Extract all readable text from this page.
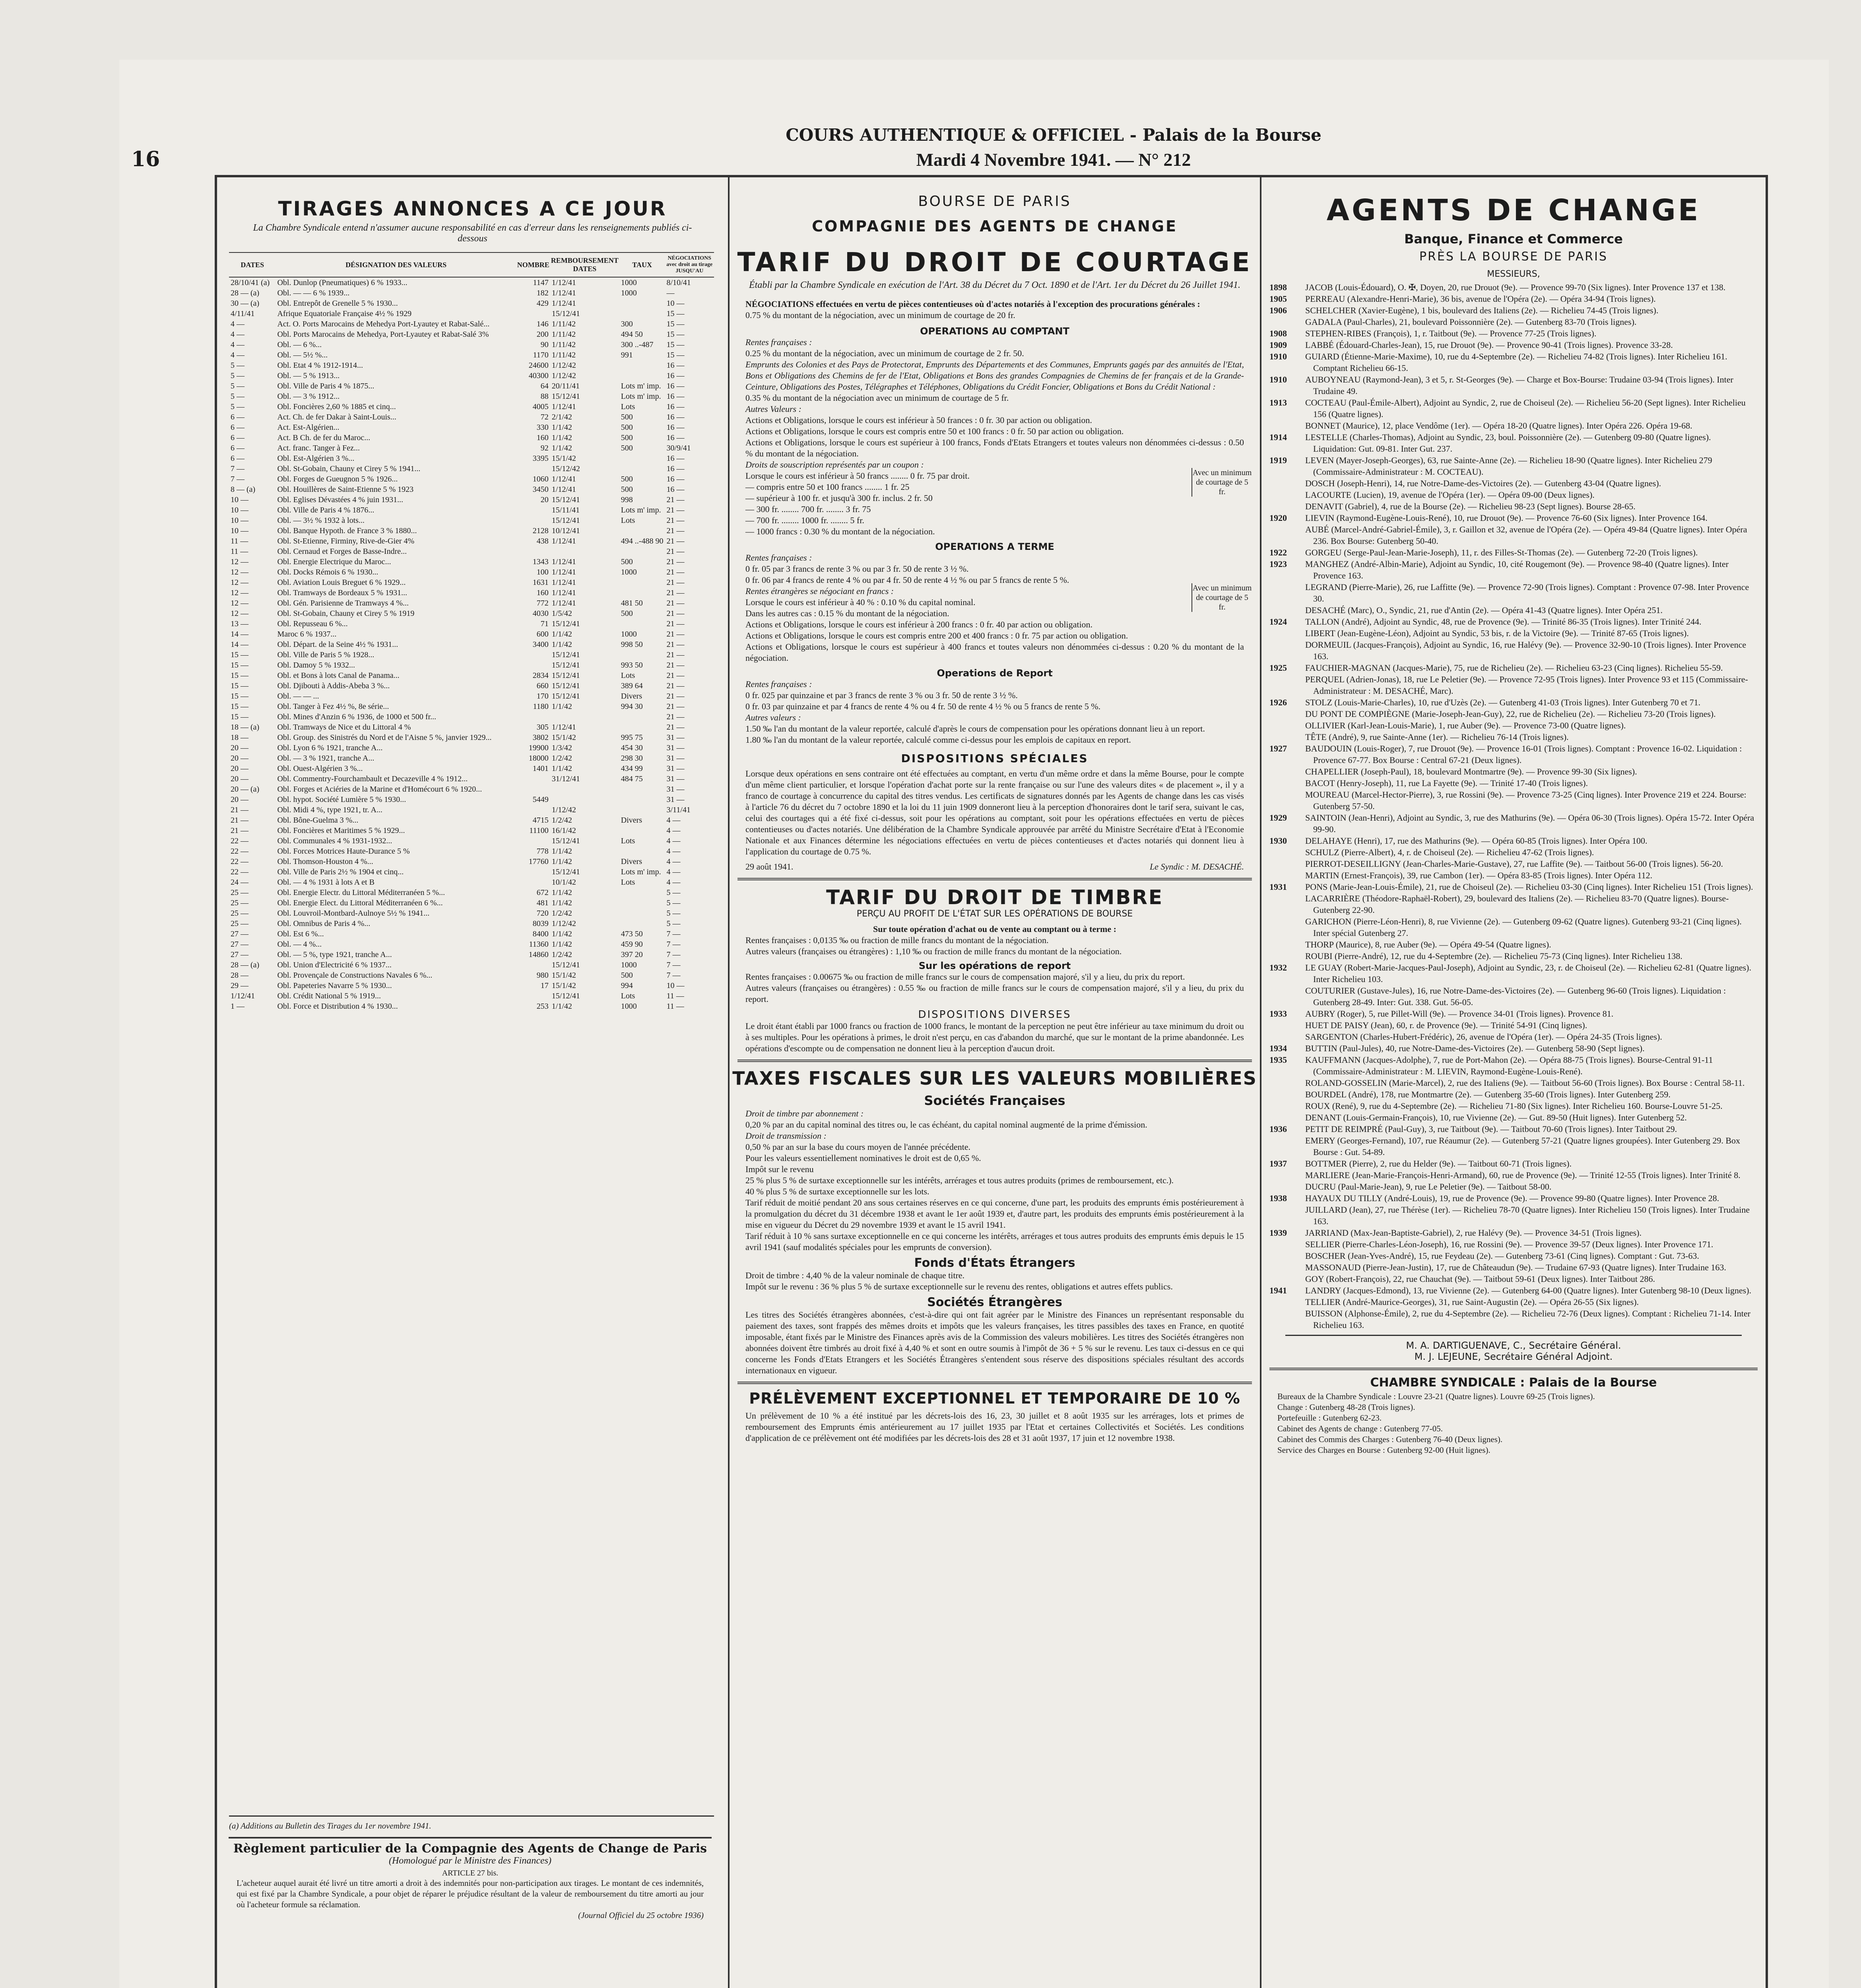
16
COURS AUTHENTIQUE & OFFICIEL - Palais de la Bourse
Mardi 4 Novembre 1941. — N° 212
TIRAGES ANNONCES A CE JOUR
La Chambre Syndicale entend n'assumer aucune responsabilité en cas d'erreur dans les renseignements publiés ci-dessous
DATES	DÉSIGNATION DES VALEURS	NOMBRE	REMBOURSEMENT
DATES	TAUX	NÉGOCIATIONS avec droit au tirage JUSQU'AU
28/10/41 (a)	Obl. Dunlop (Pneumatiques) 6 % 1933...	1147	1/12/41	1000	8/10/41
28 — (a)	Obl. — — 6 % 1939...	182	1/12/41	1000	—
30 — (a)	Obl. Entrepôt de Grenelle 5 % 1930...	429	1/12/41		10 —
4/11/41	Afrique Equatoriale Française 4½ % 1929		15/12/41		15 —
4 —	Act. O. Ports Marocains de Mehedya Port-Lyautey et Rabat-Salé...	146	1/11/42	300	15 —
4 —	Obl. Ports Marocains de Mehedya, Port-Lyautey et Rabat-Salé 3%	200	1/11/42	494 50	15 —
4 —	Obl. — 6 %...	90	1/11/42	300 ..-487	15 —
4 —	Obl. — 5½ %...	1170	1/11/42	991	15 —
5 —	Obl. Etat 4 % 1912-1914...	24600	1/12/42		16 —
5 —	Obl. — 5 % 1913...	40300	1/12/42		16 —
5 —	Obl. Ville de Paris 4 % 1875...	64	20/11/41	Lots m' imp.	16 —
5 —	Obl. — 3 % 1912...	88	15/12/41	Lots m' imp.	16 —
5 —	Obl. Foncières 2,60 % 1885 et cinq...	4005	1/12/41	Lots	16 —
6 —	Act. Ch. de fer Dakar à Saint-Louis...	72	2/1/42	500	16 —
6 —	Act. Est-Algérien...	330	1/1/42	500	16 —
6 —	Act. B Ch. de fer du Maroc...	160	1/1/42	500	16 —
6 —	Act. franc. Tanger à Fez...	92	1/1/42	500	30/9/41
6 —	Obl. Est-Algérien 3 %...	3395	15/1/42		16 —
7 —	Obl. St-Gobain, Chauny et Cirey 5 % 1941...		15/12/42		16 —
7 —	Obl. Forges de Gueugnon 5 % 1926...	1060	1/12/41	500	16 —
8 — (a)	Obl. Houillères de Saint-Etienne 5 % 1923	3450	1/12/41	500	16 —
10 —	Obl. Eglises Dévastées 4 % juin 1931...	20	15/12/41	998	21 —
10 —	Obl. Ville de Paris 4 % 1876...		15/11/41	Lots m' imp.	21 —
10 —	Obl. — 3½ % 1932 à lots...		15/12/41	Lots	21 —
10 —	Obl. Banque Hypoth. de France 3 % 1880...	2128	10/12/41		21 —
11 —	Obl. St-Etienne, Firminy, Rive-de-Gier 4%	438	1/12/41	494 ..-488 90	21 —
11 —	Obl. Cernaud et Forges de Basse-Indre...				21 —
12 —	Obl. Energie Electrique du Maroc...	1343	1/12/41	500	21 —
12 —	Obl. Docks Rémois 6 % 1930...	100	1/12/41	1000	21 —
12 —	Obl. Aviation Louis Breguet 6 % 1929...	1631	1/12/41		21 —
12 —	Obl. Tramways de Bordeaux 5 % 1931...	160	1/12/41		21 —
12 —	Obl. Gén. Parisienne de Tramways 4 %...	772	1/12/41	481 50	21 —
12 —	Obl. St-Gobain, Chauny et Cirey 5 % 1919	4030	1/5/42	500	21 —
13 —	Obl. Repusseau 6 %...	71	15/12/41		21 —
14 —	Maroc 6 % 1937...	600	1/1/42	1000	21 —
14 —	Obl. Départ. de la Seine 4½ % 1931...	3400	1/1/42	998 50	21 —
15 —	Obl. Ville de Paris 5 % 1928...		15/12/41		21 —
15 —	Obl. Damoy 5 % 1932...		15/12/41	993 50	21 —
15 —	Obl. et Bons à lots Canal de Panama...	2834	15/12/41	Lots	21 —
15 —	Obl. Djibouti à Addis-Abeba 3 %...	660	15/12/41	389 64	21 —
15 —	Obl. — — ...	170	15/12/41	Divers	21 —
15 —	Obl. Tanger à Fez 4½ %, 8e série...	1180	1/1/42	994 30	21 —
15 —	Obl. Mines d'Anzin 6 % 1936, de 1000 et 500 fr...				21 —
18 — (a)	Obl. Tramways de Nice et du Littoral 4 %	305	1/12/41		21 —
18 —	Obl. Group. des Sinistrés du Nord et de l'Aisne 5 %, janvier 1929...	3802	15/1/42	995 75	31 —
20 —	Obl. Lyon 6 % 1921, tranche A...	19900	1/3/42	454 30	31 —
20 —	Obl. — 3 % 1921, tranche A...	18000	1/2/42	298 30	31 —
20 —	Obl. Ouest-Algérien 3 %...	1401	1/1/42	434 99	31 —
20 —	Obl. Commentry-Fourchambault et Decazeville 4 % 1912...		31/12/41	484 75	31 —
20 — (a)	Obl. Forges et Aciéries de la Marine et d'Homécourt 6 % 1920...				31 —
20 —	Obl. hypot. Société Lumière 5 % 1930...	5449			31 —
21 —	Obl. Midi 4 %, type 1921, tr. A...		1/12/42		3/11/41
21 —	Obl. Bône-Guelma 3 %...	4715	1/2/42	Divers	4 —
21 —	Obl. Foncières et Maritimes 5 % 1929...	11100	16/1/42		4 —
22 —	Obl. Communales 4 % 1931-1932...		15/12/41	Lots	4 —
22 —	Obl. Forces Motrices Haute-Durance 5 %	778	1/1/42		4 —
22 —	Obl. Thomson-Houston 4 %...	17760	1/1/42	Divers	4 —
22 —	Obl. Ville de Paris 2½ % 1904 et cinq...		15/12/41	Lots m' imp.	4 —
24 —	Obl. — 4 % 1931 à lots A et B		10/1/42	Lots	4 —
25 —	Obl. Energie Electr. du Littoral Méditerranéen 5 %...	672	1/1/42		5 —
25 —	Obl. Energie Elect. du Littoral Méditerranéen 6 %...	481	1/1/42		5 —
25 —	Obl. Louvroil-Montbard-Aulnoye 5½ % 1941...	720	1/2/42		5 —
25 —	Obl. Omnibus de Paris 4 %...	8039	1/12/42		5 —
27 —	Obl. Est 6 %...	8400	1/1/42	473 50	7 —
27 —	Obl. — 4 %...	11360	1/1/42	459 90	7 —
27 —	Obl. — 5 %, type 1921, tranche A...	14860	1/2/42	397 20	7 —
28 — (a)	Obl. Union d'Electricité 6 % 1937...		15/12/41	1000	7 —
28 —	Obl. Provençale de Constructions Navales 6 %...	980	15/1/42	500	7 —
29 —	Obl. Papeteries Navarre 5 % 1930...	17	15/1/42	994	10 —
1/12/41	Obl. Crédit National 5 % 1919...		15/12/41	Lots	11 —
1 —	Obl. Force et Distribution 4 % 1930...	253	1/1/42	1000	11 —
(a) Additions au Bulletin des Tirages du 1er novembre 1941.
BOURSE DE PARIS
COMPAGNIE DES AGENTS DE CHANGE
TARIF DU DROIT DE COURTAGE
Établi par la Chambre Syndicale en exécution de l'Art. 38 du Décret du 7 Oct. 1890 et de l'Art. 1er du Décret du 26 Juillet 1941.
NÉGOCIATIONS effectuées en vertu de pièces contentieuses où d'actes notariés à l'exception des procurations générales :
0.75 % du montant de la négociation, avec un minimum de courtage de 20 fr.
OPERATIONS AU COMPTANT
Rentes françaises :
0.25 % du montant de la négociation, avec un minimum de courtage de 2 fr. 50.
Emprunts des Colonies et des Pays de Protectorat, Emprunts des Départements et des Communes, Emprunts gagés par des annuités de l'Etat, Bons et Obligations des Chemins de fer de l'Etat, Obligations et Bons des grandes Compagnies de Chemins de fer français et de la Grande-Ceinture, Obligations des Postes, Télégraphes et Téléphones, Obligations du Crédit Foncier, Obligations et Bons du Crédit National :
0.35 % du montant de la négociation avec un minimum de courtage de 5 fr.
Autres Valeurs :
Actions et Obligations, lorsque le cours est inférieur à 50 frances : 0 fr. 30 par action ou obligation.
Actions et Obligations, lorsque le cours est compris entre 50 et 100 francs : 0 fr. 50 par action ou obligation.
Actions et Obligations, lorsque le cours est supérieur à 100 francs, Fonds d'Etats Etrangers et toutes valeurs non dénommées ci-dessus : 0.50 % du montant de la négociation.
Droits de souscription représentés par un coupon :
Lorsque le cours est inférieur à 50 francs ........ 0 fr. 75 par droit.
— compris entre 50 et 100 francs ........ 1 fr. 25
— supérieur à 100 fr. et jusqu'à 300 fr. inclus. 2 fr. 50
— 300 fr. ........ 700 fr. ........ 3 fr. 75
— 700 fr. ........ 1000 fr. ........ 5 fr.
— 1000 francs : 0.30 % du montant de la négociation.
Avec un minimum de courtage de 5 fr.
Avec un minimum de courtage de 5 fr.
OPERATIONS A TERME
Rentes françaises :
0 fr. 05 par 3 francs de rente 3 % ou par 3 fr. 50 de rente 3 ½ %.
0 fr. 06 par 4 francs de rente 4 % ou par 4 fr. 50 de rente 4 ½ % ou par 5 francs de rente 5 %.
Rentes étrangères se négociant en francs :
Lorsque le cours est inférieur à 40 % : 0.10 % du capital nominal.
Dans les autres cas : 0.15 % du montant de la négociation.
Actions et Obligations, lorsque le cours est inférieur à 200 francs : 0 fr. 40 par action ou obligation.
Actions et Obligations, lorsque le cours est compris entre 200 et 400 francs : 0 fr. 75 par action ou obligation.
Actions et Obligations, lorsque le cours est supérieur à 400 francs et toutes valeurs non dénommées ci-dessus : 0.20 % du montant de la négociation.
Operations de Report
Rentes françaises :
0 fr. 025 par quinzaine et par 3 francs de rente 3 % ou 3 fr. 50 de rente 3 ½ %.
0 fr. 03 par quinzaine et par 4 francs de rente 4 % ou 4 fr. 50 de rente 4 ½ % ou 5 francs de rente 5 %.
Autres valeurs :
1.50 ‰ l'an du montant de la valeur reportée, calculé d'après le cours de compensation pour les opérations donnant lieu à un report.
1.80 ‰ l'an du montant de la valeur reportée, calculé comme ci-dessus pour les emplois de capitaux en report.
DISPOSITIONS SPÉCIALES
Lorsque deux opérations en sens contraire ont été effectuées au comptant, en vertu d'un même ordre et dans la même Bourse, pour le compte d'un même client particulier, et lorsque l'opération d'achat porte sur la rente française ou sur l'une des valeurs dites « de placement », il y a franco de courtage à concurrence du capital des titres vendus. Les certificats de signatures donnés par les Agents de change dans les cas visés à l'article 76 du décret du 7 octobre 1890 et la loi du 11 juin 1909 donneront lieu à la perception d'honoraires dont le tarif sera, suivant le cas, celui des courtages qui a été fixé ci-dessus, soit pour les opérations au comptant, soit pour les opérations effectuées en vertu de pièces contentieuses ou d'actes notariés. Une délibération de la Chambre Syndicale approuvée par arrêté du Ministre Secrétaire d'Etat à l'Economie Nationale et aux Finances détermine les négociations effectuées en vertu de pièces contentieuses et d'actes notariés qui donnent lieu à l'application du courtage de 0.75 %.
29 août 1941.	Le Syndic : M. DESACHÉ.
TARIF DU DROIT DE TIMBRE
PERÇU AU PROFIT DE L'ÉTAT SUR LES OPÉRATIONS DE BOURSE
Sur toute opération d'achat ou de vente au comptant ou à terme :
Rentes françaises : 0,0135 ‰ ou fraction de mille francs du montant de la négociation.
Autres valeurs (françaises ou étrangères) : 1,10 ‰ ou fraction de mille francs du montant de la négociation.
Sur les opérations de report
Rentes françaises : 0.00675 ‰ ou fraction de mille francs sur le cours de compensation majoré, s'il y a lieu, du prix du report.
Autres valeurs (françaises ou étrangères) : 0.55 ‰ ou fraction de mille francs sur le cours de compensation majoré, s'il y a lieu, du prix du report.
DISPOSITIONS DIVERSES
Le droit étant établi par 1000 francs ou fraction de 1000 francs, le montant de la perception ne peut être inférieur au taxe minimum du droit ou à ses multiples. Pour les opérations à primes, le droit n'est perçu, en cas d'abandon du marché, que sur le montant de la prime abandonnée. Les opérations d'escompte ou de compensation ne donnent lieu à la perception d'aucun droit.
TAXES FISCALES SUR LES VALEURS MOBILIÈRES
Sociétés Françaises
Droit de timbre par abonnement :
0,20 % par an du capital nominal des titres ou, le cas échéant, du capital nominal augmenté de la prime d'émission.
Droit de transmission :
0,50 % par an sur la base du cours moyen de l'année précédente.
Pour les valeurs essentiellement nominatives le droit est de 0,65 %.
Impôt sur le revenu
25 % plus 5 % de surtaxe exceptionnelle sur les intérêts, arrérages et tous autres produits (primes de remboursement, etc.).
40 % plus 5 % de surtaxe exceptionnelle sur les lots.
Tarif réduit de moitié pendant 20 ans sous certaines réserves en ce qui concerne, d'une part, les produits des emprunts émis postérieurement à la promulgation du décret du 31 décembre 1938 et avant le 1er août 1939 et, d'autre part, les produits des emprunts émis postérieurement à la mise en vigueur du Décret du 29 novembre 1939 et avant le 15 avril 1941.
Tarif réduit à 10 % sans surtaxe exceptionnelle en ce qui concerne les intérêts, arrérages et tous autres produits des emprunts émis depuis le 15 avril 1941 (sauf modalités spéciales pour les emprunts de conversion).
Fonds d'États Étrangers
Droit de timbre : 4,40 % de la valeur nominale de chaque titre.
Impôt sur le revenu : 36 % plus 5 % de surtaxe exceptionnelle sur le revenu des rentes, obligations et autres effets publics.
Sociétés Étrangères
Les titres des Sociétés étrangères abonnées, c'est-à-dire qui ont fait agréer par le Ministre des Finances un représentant responsable du paiement des taxes, sont frappés des mêmes droits et impôts que les valeurs françaises, les titres passibles des taxes en France, en quotité imposable, étant fixés par le Ministre des Finances après avis de la Commission des valeurs mobilières. Les titres des Sociétés étrangères non abonnées doivent être timbrés au droit fixé à 4,40 % et sont en outre soumis à l'impôt de 36 + 5 % sur le revenu. Les taux ci-dessus en ce qui concerne les Fonds d'Etats Etrangers et les Sociétés Étrangères s'entendent sous réserve des dispositions spéciales résultant des accords internationaux en vigueur.
PRÉLÈVEMENT EXCEPTIONNEL ET TEMPORAIRE DE 10 %
Un prélèvement de 10 % a été institué par les décrets-lois des 16, 23, 30 juillet et 8 août 1935 sur les arrérages, lots et primes de remboursement des Emprunts émis antérieurement au 17 juillet 1935 par l'Etat et certaines Collectivités et Sociétés. Les conditions d'application de ce prélèvement ont été modifiées par les décrets-lois des 28 et 31 août 1937, 17 juin et 12 novembre 1938.
AGENTS DE CHANGE
Banque, Finance et Commerce
PRÈS LA BOURSE DE PARIS
MESSIEURS,
1898 JACOB (Louis-Édouard), O. ✠, Doyen, 20, rue Drouot (9e). — Provence 99-70 (Six lignes). Inter Provence 137 et 138.
1905 PERREAU (Alexandre-Henri-Marie), 36 bis, avenue de l'Opéra (2e). — Opéra 34-94 (Trois lignes).
1906 SCHELCHER (Xavier-Eugène), 1 bis, boulevard des Italiens (2e). — Richelieu 74-45 (Trois lignes).
GADALA (Paul-Charles), 21, boulevard Poissonnière (2e). — Gutenberg 83-70 (Trois lignes).
1908 STEPHEN-RIBES (François), 1, r. Taitbout (9e). — Provence 77-25 (Trois lignes).
1909 LABBÉ (Édouard-Charles-Jean), 15, rue Drouot (9e). — Provence 90-41 (Trois lignes). Provence 33-28.
1910 GUIARD (Étienne-Marie-Maxime), 10, rue du 4-Septembre (2e). — Richelieu 74-82 (Trois lignes). Inter Richelieu 161. Comptant Richelieu 66-15.
1910 AUBOYNEAU (Raymond-Jean), 3 et 5, r. St-Georges (9e). — Charge et Box-Bourse: Trudaine 03-94 (Trois lignes). Inter Trudaine 49.
1913 COCTEAU (Paul-Émile-Albert), Adjoint au Syndic, 2, rue de Choiseul (2e). — Richelieu 56-20 (Sept lignes). Inter Richelieu 156 (Quatre lignes).
BONNET (Maurice), 12, place Vendôme (1er). — Opéra 18-20 (Quatre lignes). Inter Opéra 226. Opéra 19-68.
1914 LESTELLE (Charles-Thomas), Adjoint au Syndic, 23, boul. Poissonnière (2e). — Gutenberg 09-80 (Quatre lignes). Liquidation: Gut. 09-81. Inter Gut. 237.
1919 LEVEN (Mayer-Joseph-Georges), 63, rue Sainte-Anne (2e). — Richelieu 18-90 (Quatre lignes). Inter Richelieu 279 (Commissaire-Administrateur : M. COCTEAU).
DOSCH (Joseph-Henri), 14, rue Notre-Dame-des-Victoires (2e). — Gutenberg 43-04 (Quatre lignes).
LACOURTE (Lucien), 19, avenue de l'Opéra (1er). — Opéra 09-00 (Deux lignes).
DENAVIT (Gabriel), 4, rue de la Bourse (2e). — Richelieu 98-23 (Sept lignes). Bourse 28-65.
1920 LIEVIN (Raymond-Eugène-Louis-René), 10, rue Drouot (9e). — Provence 76-60 (Six lignes). Inter Provence 164.
AUBÉ (Marcel-André-Gabriel-Émile), 3, r. Gaillon et 32, avenue de l'Opéra (2e). — Opéra 49-84 (Quatre lignes). Inter Opéra 236. Box Bourse: Gutenberg 50-40.
1922 GORGEU (Serge-Paul-Jean-Marie-Joseph), 11, r. des Filles-St-Thomas (2e). — Gutenberg 72-20 (Trois lignes).
1923 MANGHEZ (André-Albin-Marie), Adjoint au Syndic, 10, cité Rougemont (9e). — Provence 98-40 (Quatre lignes). Inter Provence 163.
LEGRAND (Pierre-Marie), 26, rue Laffitte (9e). — Provence 72-90 (Trois lignes). Comptant : Provence 07-98. Inter Provence 30.
DESACHÉ (Marc), O., Syndic, 21, rue d'Antin (2e). — Opéra 41-43 (Quatre lignes). Inter Opéra 251.
1924 TALLON (André), Adjoint au Syndic, 48, rue de Provence (9e). — Trinité 86-35 (Trois lignes). Inter Trinité 244.
LIBERT (Jean-Eugène-Léon), Adjoint au Syndic, 53 bis, r. de la Victoire (9e). — Trinité 87-65 (Trois lignes).
DORMEUIL (Jacques-François), Adjoint au Syndic, 16, rue Halévy (9e). — Provence 32-90-10 (Trois lignes). Inter Provence 163.
1925 FAUCHIER-MAGNAN (Jacques-Marie), 75, rue de Richelieu (2e). — Richelieu 63-23 (Cinq lignes). Richelieu 55-59.
PERQUEL (Adrien-Jonas), 18, rue Le Peletier (9e). — Provence 72-95 (Trois lignes). Inter Provence 93 et 115 (Commissaire-Administrateur : M. DESACHÉ, Marc).
1926 STOLZ (Louis-Marie-Charles), 10, rue d'Uzès (2e). — Gutenberg 41-03 (Trois lignes). Inter Gutenberg 70 et 71.
DU PONT DE COMPIÈGNE (Marie-Joseph-Jean-Guy), 22, rue de Richelieu (2e). — Richelieu 73-20 (Trois lignes).
OLLIVIER (Karl-Jean-Louis-Marie), 1, rue Auber (9e). — Provence 73-00 (Quatre lignes).
TÊTE (André), 9, rue Sainte-Anne (1er). — Richelieu 76-14 (Trois lignes).
1927 BAUDOUIN (Louis-Roger), 7, rue Drouot (9e). — Provence 16-01 (Trois lignes). Comptant : Provence 16-02. Liquidation : Provence 67-77. Box Bourse : Central 67-21 (Deux lignes).
CHAPELLIER (Joseph-Paul), 18, boulevard Montmartre (9e). — Provence 99-30 (Six lignes).
BACOT (Henry-Joseph), 11, rue La Fayette (9e). — Trinité 17-40 (Trois lignes).
MOUREAU (Marcel-Hector-Pierre), 3, rue Rossini (9e). — Provence 73-25 (Cinq lignes). Inter Provence 219 et 224. Bourse: Gutenberg 57-50.
1929 SAINTOIN (Jean-Henri), Adjoint au Syndic, 3, rue des Mathurins (9e). — Opéra 06-30 (Trois lignes). Opéra 15-72. Inter Opéra 99-90.
1930 DELAHAYE (Henri), 17, rue des Mathurins (9e). — Opéra 60-85 (Trois lignes). Inter Opéra 100.
SCHULZ (Pierre-Albert), 4, r. de Choiseul (2e). — Richelieu 47-62 (Trois lignes).
PIERROT-DESEILLIGNY (Jean-Charles-Marie-Gustave), 27, rue Laffite (9e). — Taitbout 56-00 (Trois lignes). 56-20.
MARTIN (Ernest-François), 39, rue Cambon (1er). — Opéra 83-85 (Trois lignes). Inter Opéra 112.
1931 PONS (Marie-Jean-Louis-Émile), 21, rue de Choiseul (2e). — Richelieu 03-30 (Cinq lignes). Inter Richelieu 151 (Trois lignes).
LACARRIÈRE (Théodore-Raphaël-Robert), 29, boulevard des Italiens (2e). — Richelieu 83-70 (Quatre lignes). Bourse-Gutenberg 22-90.
GARICHON (Pierre-Léon-Henri), 8, rue Vivienne (2e). — Gutenberg 09-62 (Quatre lignes). Gutenberg 93-21 (Cinq lignes). Inter spécial Gutenberg 27.
THORP (Maurice), 8, rue Auber (9e). — Opéra 49-54 (Quatre lignes).
ROUBI (Pierre-André), 12, rue du 4-Septembre (2e). — Richelieu 75-73 (Cinq lignes). Inter Richelieu 138.
1932 LE GUAY (Robert-Marie-Jacques-Paul-Joseph), Adjoint au Syndic, 23, r. de Choiseul (2e). — Richelieu 62-81 (Quatre lignes). Inter Richelieu 103.
COUTURIER (Gustave-Jules), 16, rue Notre-Dame-des-Victoires (2e). — Gutenberg 96-60 (Trois lignes). Liquidation : Gutenberg 28-49. Inter: Gut. 338. Gut. 56-05.
1933 AUBRY (Roger), 5, rue Pillet-Will (9e). — Provence 34-01 (Trois lignes). Provence 81.
HUET DE PAISY (Jean), 60, r. de Provence (9e). — Trinité 54-91 (Cinq lignes).
SARGENTON (Charles-Hubert-Frédéric), 26, avenue de l'Opéra (1er). — Opéra 24-35 (Trois lignes).
1934 BUTTIN (Paul-Jules), 40, rue Notre-Dame-des-Victoires (2e). — Gutenberg 58-90 (Sept lignes).
1935 KAUFFMANN (Jacques-Adolphe), 7, rue de Port-Mahon (2e). — Opéra 88-75 (Trois lignes). Bourse-Central 91-11 (Commissaire-Administrateur : M. LIEVIN, Raymond-Eugène-Louis-René).
ROLAND-GOSSELIN (Marie-Marcel), 2, rue des Italiens (9e). — Taitbout 56-60 (Trois lignes). Box Bourse : Central 58-11.
BOURDEL (André), 178, rue Montmartre (2e). — Gutenberg 35-60 (Trois lignes). Inter Gutenberg 259.
ROUX (René), 9, rue du 4-Septembre (2e). — Richelieu 71-80 (Six lignes). Inter Richelieu 160. Bourse-Louvre 51-25.
DENANT (Louis-Germain-François), 10, rue Vivienne (2e). — Gut. 89-50 (Huit lignes). Inter Gutenberg 52.
1936 PETIT DE REIMPRÉ (Paul-Guy), 3, rue Taitbout (9e). — Taitbout 70-60 (Trois lignes). Inter Taitbout 29.
EMERY (Georges-Fernand), 107, rue Réaumur (2e). — Gutenberg 57-21 (Quatre lignes groupées). Inter Gutenberg 29. Box Bourse : Gut. 54-89.
1937 BOTTMER (Pierre), 2, rue du Helder (9e). — Taitbout 60-71 (Trois lignes).
MARLIERE (Jean-Marie-François-Henri-Armand), 60, rue de Provence (9e). — Trinité 12-55 (Trois lignes). Inter Trinité 8.
DUCRU (Paul-Marie-Jean), 9, rue Le Peletier (9e). — Taitbout 58-00.
1938 HAYAUX DU TILLY (André-Louis), 19, rue de Provence (9e). — Provence 99-80 (Quatre lignes). Inter Provence 28.
JUILLARD (Jean), 27, rue Thérèse (1er). — Richelieu 78-70 (Quatre lignes). Inter Richelieu 150 (Trois lignes). Inter Trudaine 163.
1939 JARRIAND (Max-Jean-Baptiste-Gabriel), 2, rue Halévy (9e). — Provence 34-51 (Trois lignes).
SELLIER (Pierre-Charles-Léon-Joseph), 16, rue Rossini (9e). — Provence 39-57 (Deux lignes). Inter Provence 171.
BOSCHER (Jean-Yves-André), 15, rue Feydeau (2e). — Gutenberg 73-61 (Cinq lignes). Comptant : Gut. 73-63.
MASSONAUD (Pierre-Jean-Justin), 17, rue de Châteaudun (9e). — Trudaine 67-93 (Quatre lignes). Inter Trudaine 163.
GOY (Robert-François), 22, rue Chauchat (9e). — Taitbout 59-61 (Deux lignes). Inter Taitbout 286.
1941 LANDRY (Jacques-Edmond), 13, rue Vivienne (2e). — Gutenberg 64-00 (Quatre lignes). Inter Gutenberg 98-10 (Deux lignes).
TELLIER (André-Maurice-Georges), 31, rue Saint-Augustin (2e). — Opéra 26-55 (Six lignes).
BUISSON (Alphonse-Émile), 2, rue du 4-Septembre (2e). — Richelieu 72-76 (Deux lignes). Comptant : Richelieu 71-14. Inter Richelieu 163.
M. A. DARTIGUENAVE, C., Secrétaire Général.
M. J. LEJEUNE, Secrétaire Général Adjoint.
CHAMBRE SYNDICALE : Palais de la Bourse
Bureaux de la Chambre Syndicale : Louvre 23-21 (Quatre lignes). Louvre 69-25 (Trois lignes).
Change : Gutenberg 48-28 (Trois lignes).
Portefeuille : Gutenberg 62-23.
Cabinet des Agents de change : Gutenberg 77-05.
Cabinet des Commis des Charges : Gutenberg 76-40 (Deux lignes).
Service des Charges en Bourse : Gutenberg 92-00 (Huit lignes).
Règlement particulier de la Compagnie des Agents de Change de Paris
(Homologué par le Ministre des Finances)
ARTICLE 27 bis.
L'acheteur auquel aurait été livré un titre amorti a droit à des indemnités pour non-participation aux tirages. Le montant de ces indemnités, qui est fixé par la Chambre Syndicale, a pour objet de réparer le préjudice résultant de la valeur de remboursement du titre amorti au jour où l'acheteur formule sa réclamation.
(Journal Officiel du 25 octobre 1936)
